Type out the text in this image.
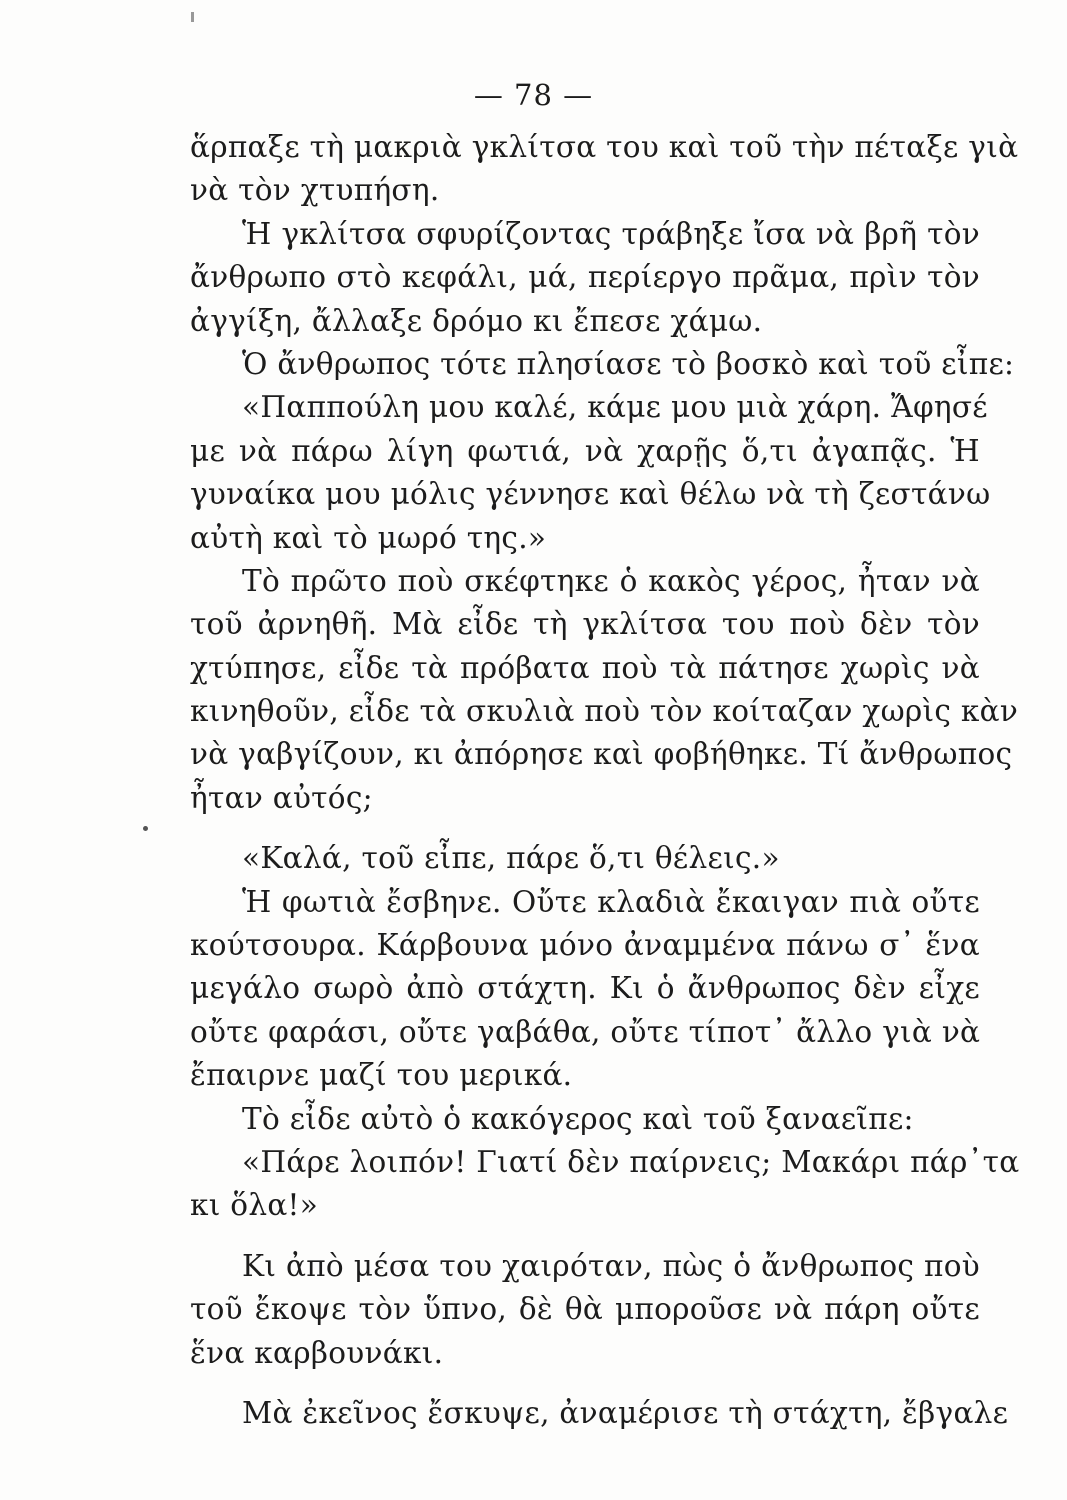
— 78 —
ἅρπαξε τὴ μακριὰ γκλίτσα του καὶ τοῦ τὴν πέταξε γιὰ
νὰ τὸν χτυπήση.
Ἡ γκλίτσα σφυρίζοντας τράβηξε ἴσα νὰ βρῆ τὸν
ἄνθρωπο στὸ κεφάλι, μά, περίεργο πρᾶμα, πρὶν τὸν
ἀγγίξη, ἄλλαξε δρόμο κι ἔπεσε χάμω.
Ὁ ἄνθρωπος τότε πλησίασε τὸ βοσκὸ καὶ τοῦ εἶπε:
«Παππούλη μου καλέ, κάμε μου μιὰ χάρη. Ἄφησέ
με νὰ πάρω λίγη φωτιά, νὰ χαρῇς ὅ,τι ἀγαπᾷς. Ἡ
γυναίκα μου μόλις γέννησε καὶ θέλω νὰ τὴ ζεστάνω
αὐτὴ καὶ τὸ μωρό της.»
Τὸ πρῶτο ποὺ σκέφτηκε ὁ κακὸς γέρος, ἦταν νὰ
τοῦ ἀρνηθῆ. Μὰ εἶδε τὴ γκλίτσα του ποὺ δὲν τὸν
χτύπησε, εἶδε τὰ πρόβατα ποὺ τὰ πάτησε χωρὶς νὰ
κινηθοῦν, εἶδε τὰ σκυλιὰ ποὺ τὸν κοίταζαν χωρὶς κὰν
νὰ γαβγίζουν, κι ἀπόρησε καὶ φοβήθηκε. Τί ἄνθρωπος
ἦταν αὐτός;
«Καλά, τοῦ εἶπε, πάρε ὅ,τι θέλεις.»
Ἡ φωτιὰ ἔσβηνε. Οὔτε κλαδιὰ ἔκαιγαν πιὰ οὔτε
κούτσουρα. Κάρβουνα μόνο ἀναμμένα πάνω σ᾽ ἕνα
μεγάλο σωρὸ ἀπὸ στάχτη. Κι ὁ ἄνθρωπος δὲν εἶχε
οὔτε φαράσι, οὔτε γαβάθα, οὔτε τίποτ᾽ ἄλλο γιὰ νὰ
ἔπαιρνε μαζί του μερικά.
Τὸ εἶδε αὐτὸ ὁ κακόγερος καὶ τοῦ ξαναεῖπε:
«Πάρε λοιπόν! Γιατί δὲν παίρνεις; Μακάρι πάρ᾽τα
κι ὅλα!»
Κι ἀπὸ μέσα του χαιρόταν, πὼς ὁ ἄνθρωπος ποὺ
τοῦ ἔκοψε τὸν ὕπνο, δὲ θὰ μποροῦσε νὰ πάρη οὔτε
ἕνα καρβουνάκι.
Μὰ ἐκεῖνος ἔσκυψε, ἀναμέρισε τὴ στάχτη, ἔβγαλε
